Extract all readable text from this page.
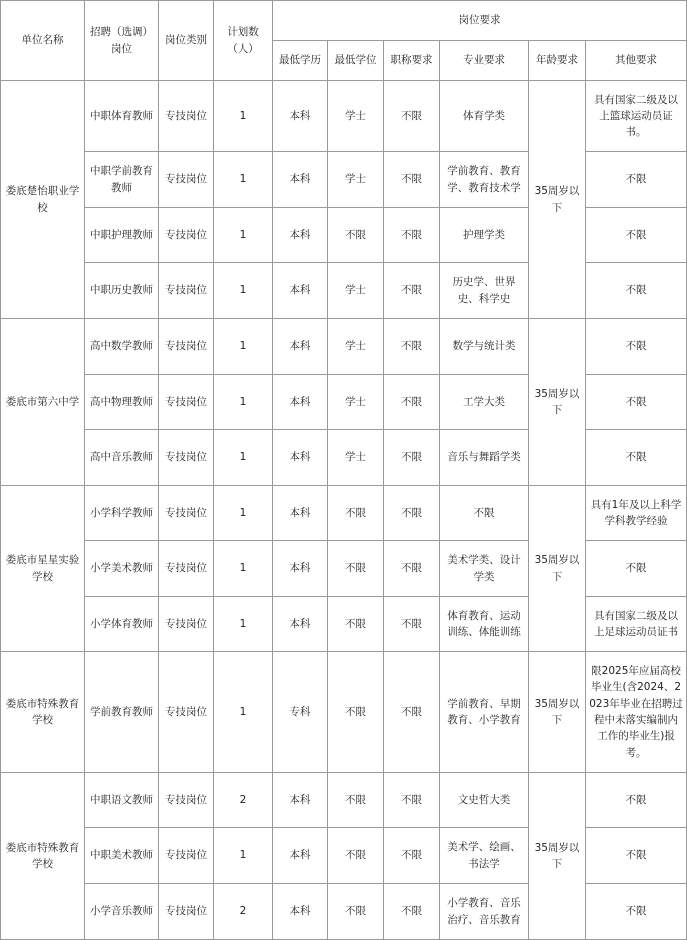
单位名称	招聘（选调）岗位	岗位类别	计划数（人）	岗位要求					
				最低学历	最低学位	职称要求	专业要求	年龄要求	其他要求
娄底楚怡职业学校	中职体育教师	专技岗位	1	本科	学士	不限	体育学类	35周岁以下	具有国家二级及以上篮球运动员证书。
	中职学前教育教师	专技岗位	1	本科	学士	不限	学前教育、教育学、教育技术学		不限
	中职护理教师	专技岗位	1	本科	不限	不限	护理学类		不限
	中职历史教师	专技岗位	1	本科	学士	不限	历史学、世界史、科学史		不限
娄底市第六中学	高中数学教师	专技岗位	1	本科	学士	不限	数学与统计类	35周岁以下	不限
	高中物理教师	专技岗位	1	本科	学士	不限	工学大类		不限
	高中音乐教师	专技岗位	1	本科	学士	不限	音乐与舞蹈学类		不限
娄底市星星实验学校	小学科学教师	专技岗位	1	本科	不限	不限	不限	35周岁以下	具有1年及以上科学学科教学经验
	小学美术教师	专技岗位	1	本科	不限	不限	美术学类、设计学类		不限
	小学体育教师	专技岗位	1	本科	不限	不限	体育教育、运动训练、体能训练		具有国家二级及以上足球运动员证书
娄底市特殊教育学校	学前教育教师	专技岗位	1	专科	不限	不限	学前教育、早期教育、小学教育	35周岁以下	限2025年应届高校毕业生(含2024、2023年毕业在招聘过程中未落实编制内工作的毕业生)报考。
娄底市特殊教育学校	中职语文教师	专技岗位	2	本科	不限	不限	文史哲大类	35周岁以下	不限
	中职美术教师	专技岗位	1	本科	不限	不限	美术学、绘画、书法学		不限
	小学音乐教师	专技岗位	2	本科	不限	不限	小学教育、音乐治疗、音乐教育		不限
